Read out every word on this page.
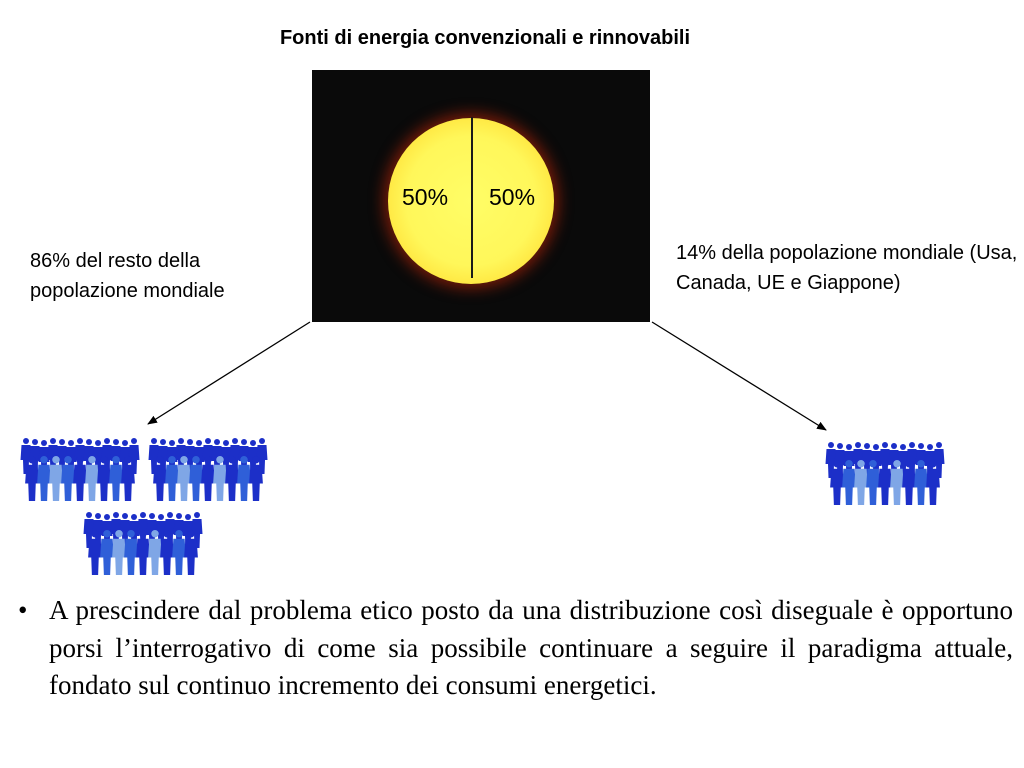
Fonti di energia convenzionali e rinnovabili
50% 50%
86% del resto della popolazione mondiale
14% della popolazione mondiale (Usa, Canada, UE e Giappone)
• A prescindere dal problema etico posto da una distribuzione così diseguale è opportuno porsi l’interrogativo di come sia possibile continuare a seguire il paradigma attuale, fondato sul continuo incremento dei consumi energetici.
